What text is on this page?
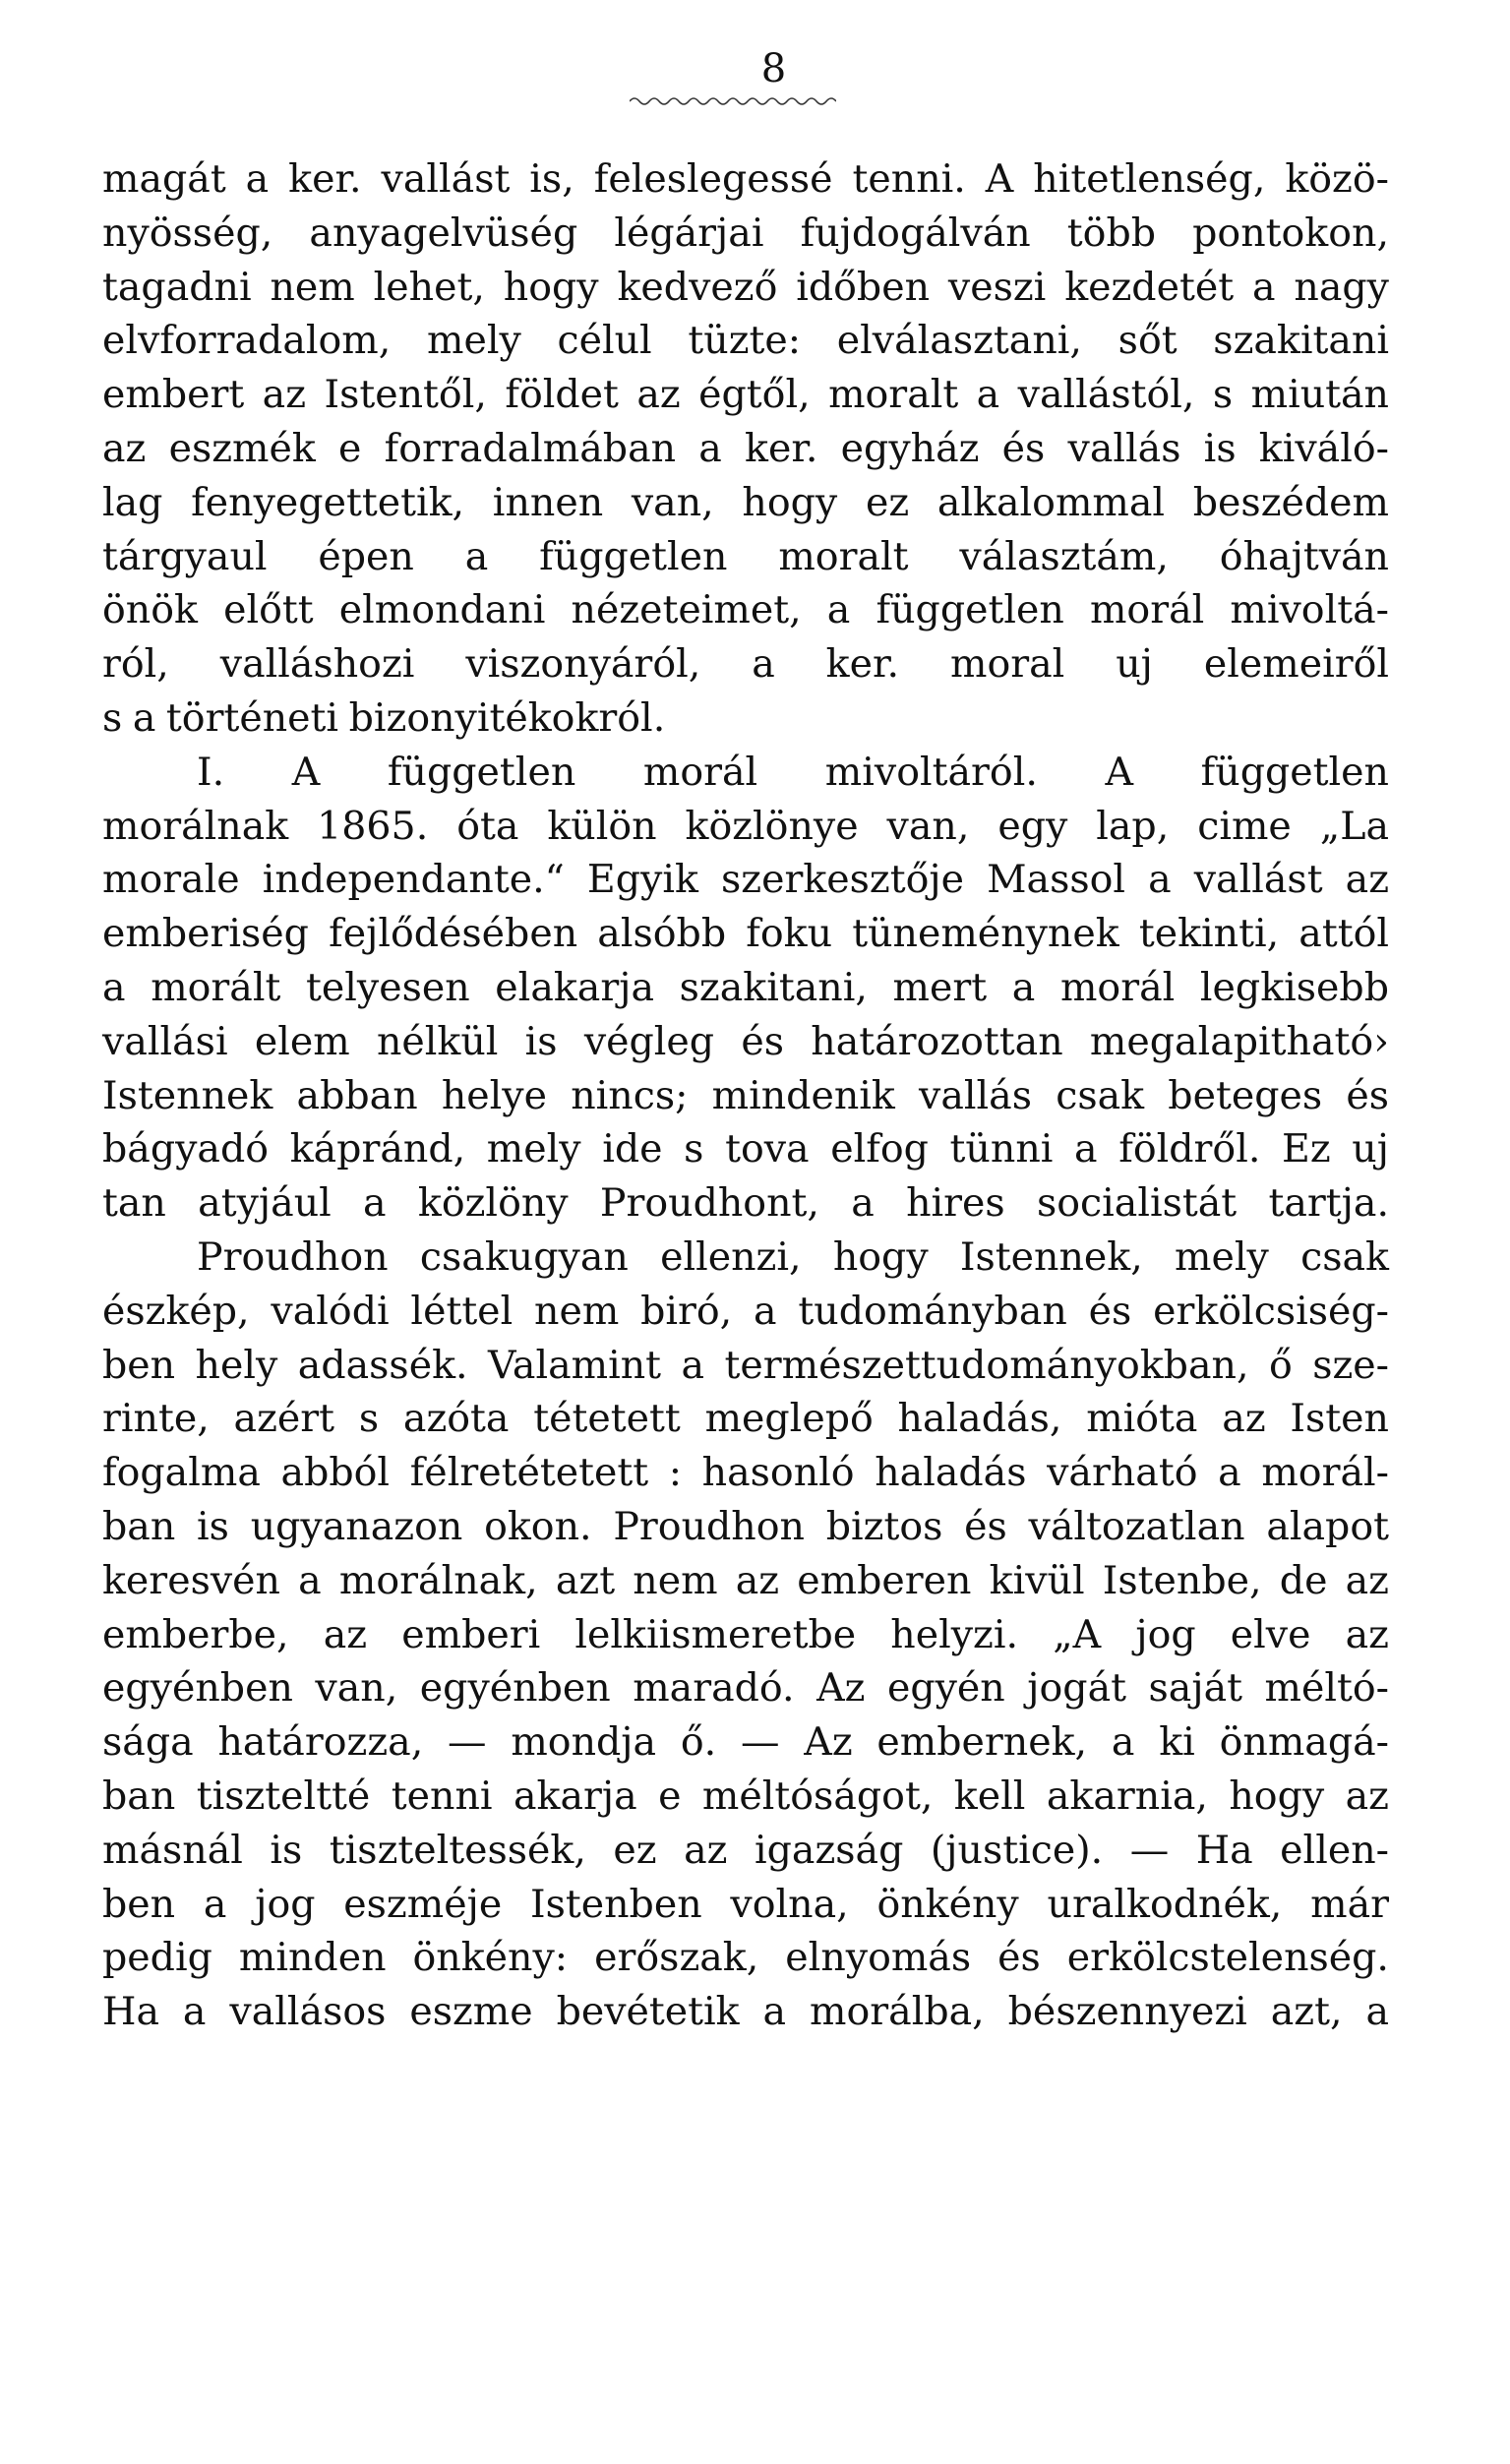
8
magát a ker. vallást is, feleslegessé tenni. A hitetlenség, közö-
nyösség, anyagelvüség légárjai fujdogálván több pontokon,
tagadni nem lehet, hogy kedvező időben veszi kezdetét a nagy
elvforradalom, mely célul tüzte: elválasztani, sőt szakitani
embert az Istentől, földet az égtől, moralt a vallástól, s miután
az eszmék e forradalmában a ker. egyház és vallás is kiváló-
lag fenyegettetik, innen van, hogy ez alkalommal beszédem
tárgyaul épen a független moralt választám, óhajtván
önök előtt elmondani nézeteimet, a független morál mivoltá-
ról, valláshozi viszonyáról, a ker. moral uj elemeiről
s a történeti bizonyitékokról.
I. A független morál mivoltáról. A független
morálnak 1865. óta külön közlönye van, egy lap, cime „La
morale independante.“ Egyik szerkesztője Massol a vallást az
emberiség fejlődésében alsóbb foku tüneménynek tekinti, attól
a morált telyesen elakarja szakitani, mert a morál legkisebb
vallási elem nélkül is végleg és határozottan megalapitható›
Istennek abban helye nincs; mindenik vallás csak beteges és
bágyadó kápránd, mely ide s tova elfog tünni a földről. Ez uj
tan atyjául a közlöny Proudhont, a hires socialistát tartja.
Proudhon csakugyan ellenzi, hogy Istennek, mely csak
észkép, valódi léttel nem biró, a tudományban és erkölcsiség-
ben hely adassék. Valamint a természettudományokban, ő sze-
rinte, azért s azóta tétetett meglepő haladás, mióta az Isten
fogalma abból félretétetett : hasonló haladás várható a morál-
ban is ugyanazon okon. Proudhon biztos és változatlan alapot
keresvén a morálnak, azt nem az emberen kivül Istenbe, de az
emberbe, az emberi lelkiismeretbe helyzi. „A jog elve az
egyénben van, egyénben maradó. Az egyén jogát saját méltó-
sága határozza, — mondja ő. — Az embernek, a ki önmagá-
ban tiszteltté tenni akarja e méltóságot, kell akarnia, hogy az
másnál is tiszteltessék, ez az igazság (justice). — Ha ellen-
ben a jog eszméje Istenben volna, önkény uralkodnék, már
pedig minden önkény: erőszak, elnyomás és erkölcstelenség.
Ha a vallásos eszme bevétetik a morálba, bészennyezi azt, a
